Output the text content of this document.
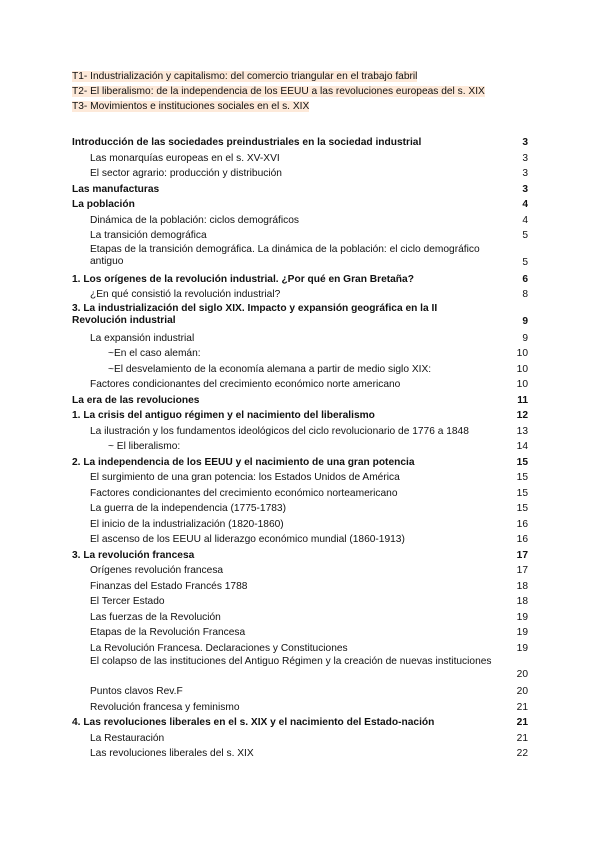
T1- Industrialización y capitalismo: del comercio triangular en el trabajo fabril
T2- El liberalismo: de la independencia de los EEUU a las revoluciones europeas del s. XIX
T3- Movimientos e instituciones sociales en el s. XIX
Introducción de las sociedades preindustriales en la sociedad industrial	3
Las monarquías europeas en el s. XV-XVI	3
El sector agrario: producción y distribución	3
Las manufacturas	3
La población	4
Dinámica de la población: ciclos demográficos	4
La transición demográfica	5
Etapas de la transición demográfica. La dinámica de la población: el ciclo demográfico antiguo	5
1. Los orígenes de la revolución industrial. ¿Por qué en Gran Bretaña?	6
¿En qué consistió la revolución industrial?	8
3. La industrialización del siglo XIX. Impacto y expansión geográfica en la II Revolución industrial	9
La expansión industrial	9
~En el caso alemán:	10
~El desvelamiento de la economía alemana a partir de medio siglo XIX:	10
Factores condicionantes del crecimiento económico norte americano	10
La era de las revoluciones	11
1. La crisis del antiguo régimen y el nacimiento del liberalismo	12
La ilustración y los fundamentos ideológicos del ciclo revolucionario de 1776 a 1848	13
~ El liberalismo:	14
2. La independencia de los EEUU y el nacimiento de una gran potencia	15
El surgimiento de una gran potencia: los Estados Unidos de América	15
Factores condicionantes del crecimiento económico norteamericano	15
La guerra de la independencia (1775-1783)	15
El inicio de la industrialización (1820-1860)	16
El ascenso de los EEUU al liderazgo económico mundial (1860-1913)	16
3. La revolución francesa	17
Orígenes revolución francesa	17
Finanzas del Estado Francés 1788	18
El Tercer Estado	18
Las fuerzas de la Revolución	19
Etapas de la Revolución Francesa	19
La Revolución Francesa. Declaraciones y Constituciones	19
El colapso de las instituciones del Antiguo Régimen y la creación de nuevas instituciones
20
Puntos clavos Rev.F	20
Revolución francesa y feminismo	21
4. Las revoluciones liberales en el s. XIX y el nacimiento del Estado-nación	21
La Restauración	21
Las revoluciones liberales del s. XIX	22
